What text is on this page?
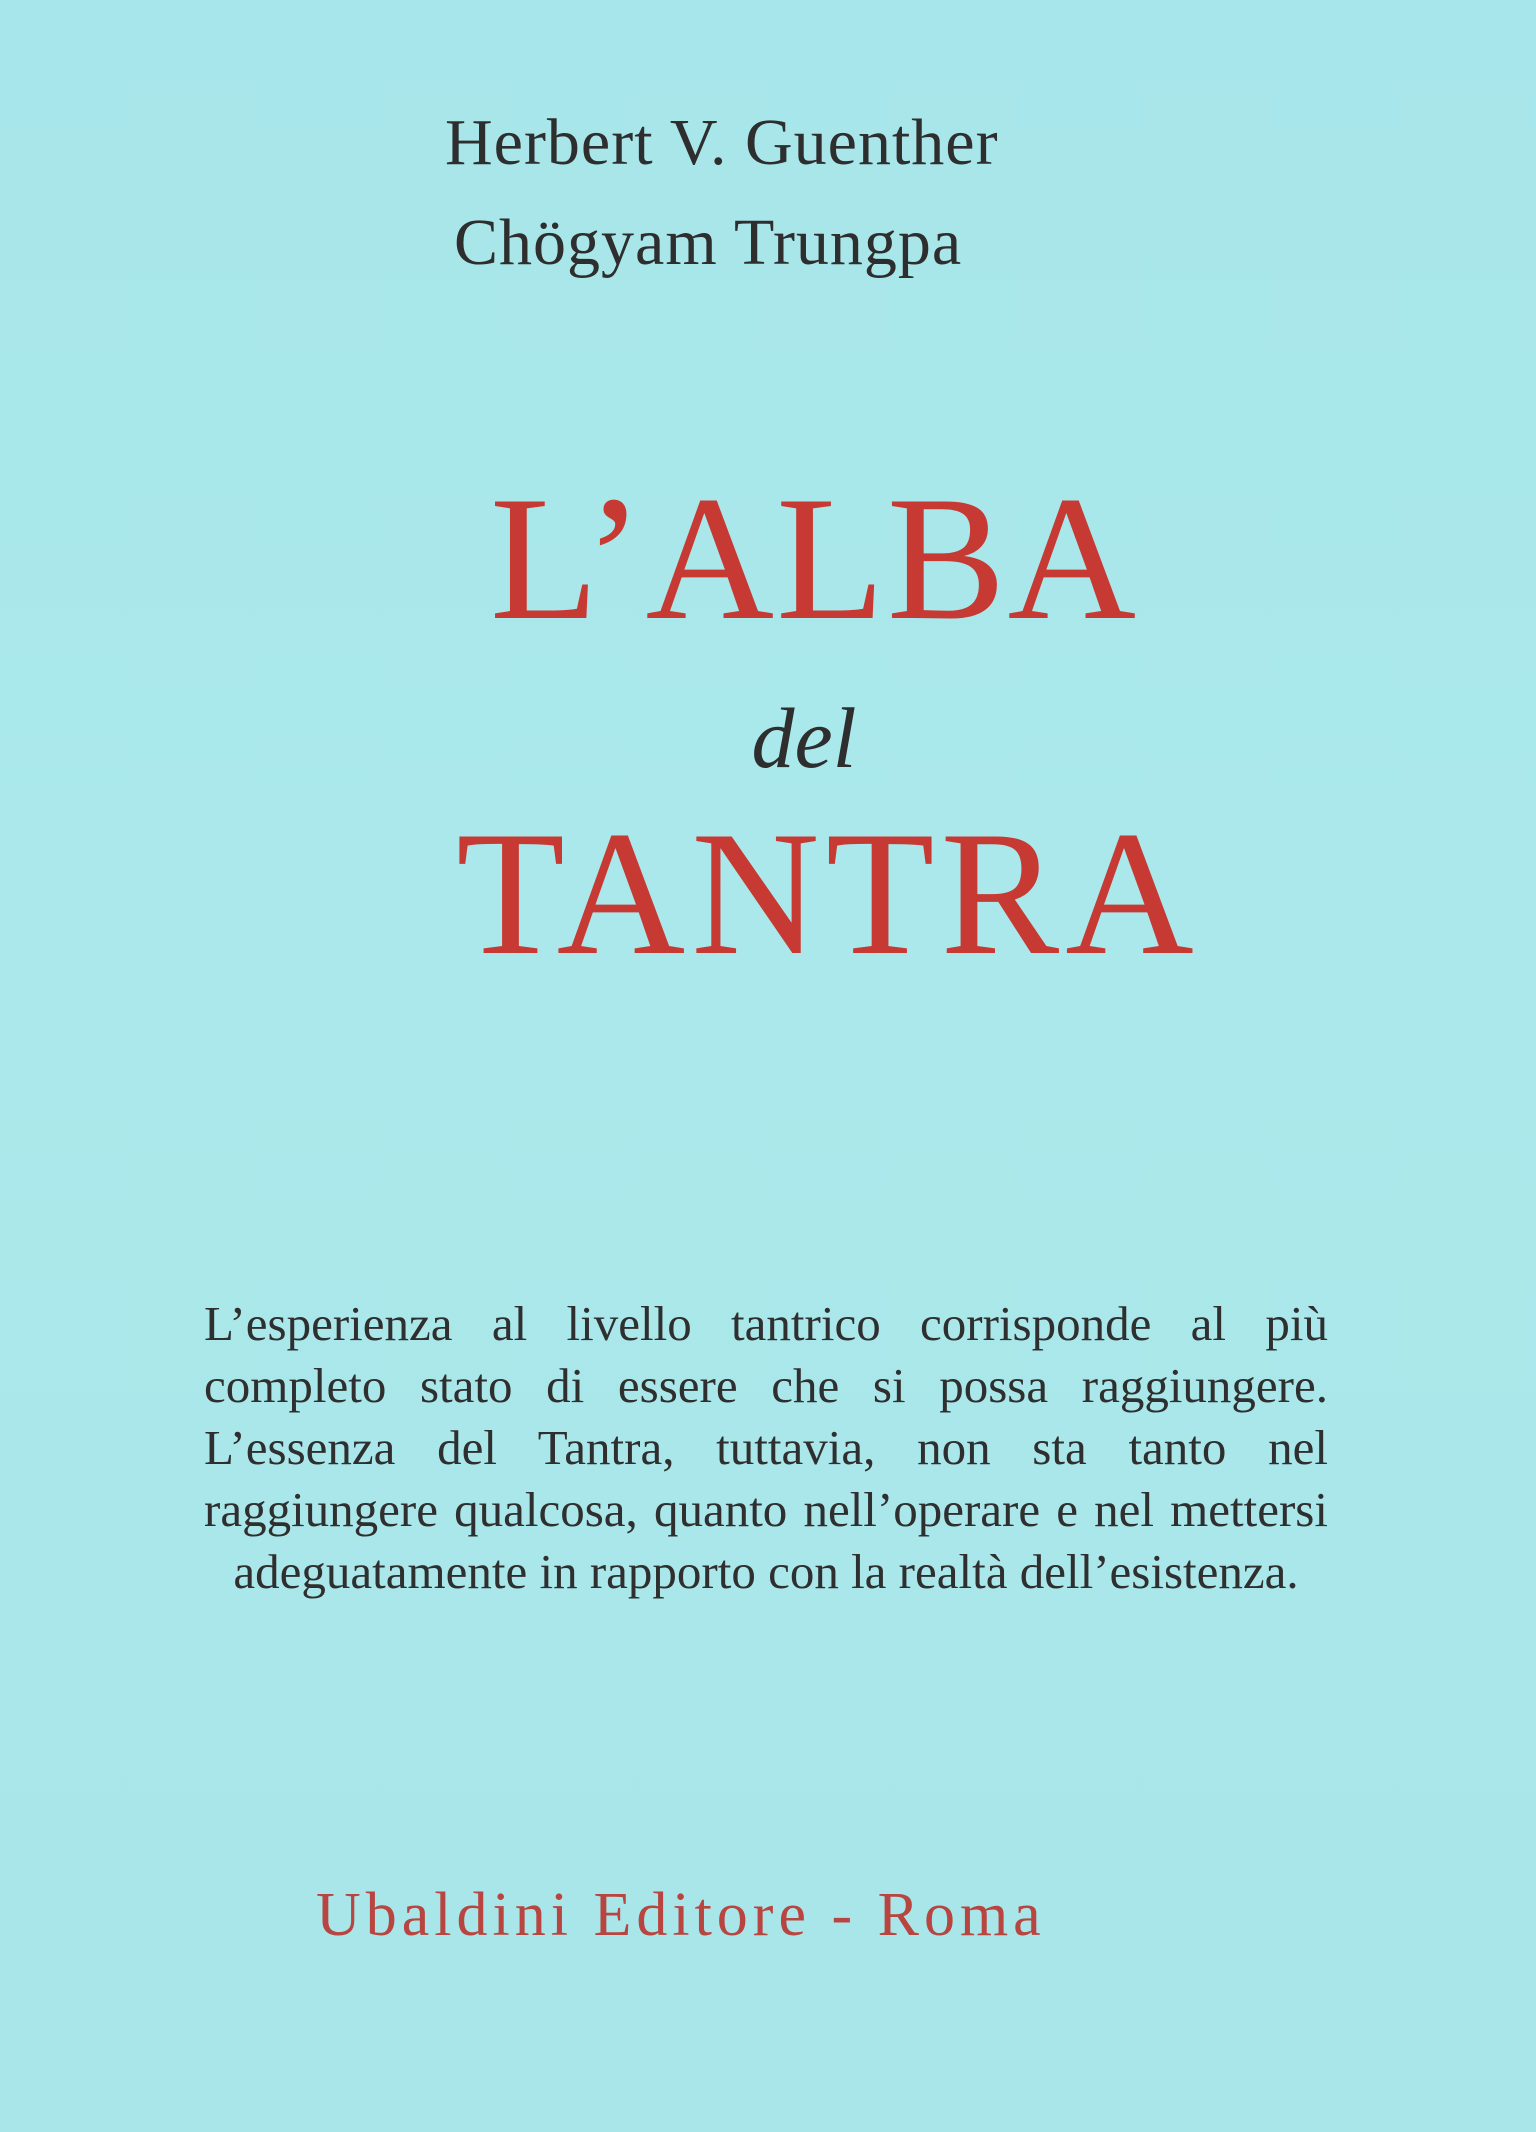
Herbert V. Guenther
Chögyam Trungpa
L’ALBA
del
TANTRA
L’esperienza al livello tantrico corrisponde al più completo stato di essere che si possa raggiungere. L’essenza del Tantra, tuttavia, non sta tanto nel raggiungere qualcosa, quanto nell’operare e nel mettersi adeguatamente in rapporto con la realtà dell’esistenza.
Ubaldini Editore - Roma
